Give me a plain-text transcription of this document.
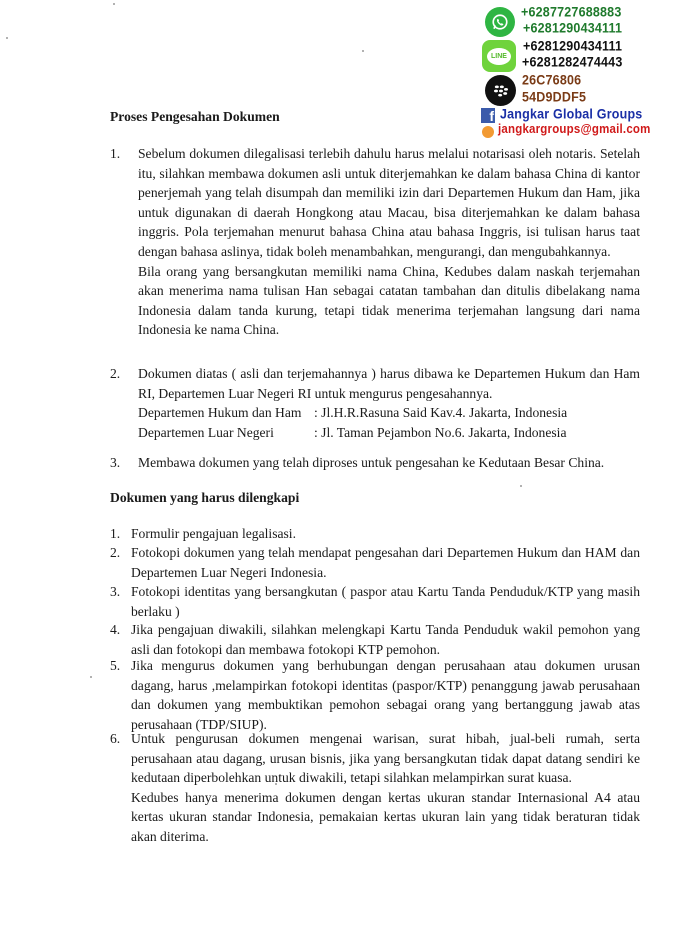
+6287727688883
+6281290434111
LINE
+6281290434111
+6281282474443
26C76806
54D9DDF5
f Jangkar Global Groups
jangkargroups@gmail.com
Proses Pengesahan Dokumen
1. Sebelum dokumen dilegalisasi terlebih dahulu harus melalui notarisasi oleh notaris. Setelah itu, silahkan membawa dokumen asli untuk diterjemahkan ke dalam bahasa China di kantor penerjemah yang telah disumpah dan memiliki izin dari Departemen Hukum dan Ham, jika untuk digunakan di daerah Hongkong atau Macau, bisa diterjemahkan ke dalam bahasa inggris. Pola terjemahan menurut bahasa China atau bahasa Inggris, isi tulisan harus taat dengan bahasa aslinya, tidak boleh menambahkan, mengurangi, dan mengubahkannya.

Bila orang yang bersangkutan memiliki nama China, Kedubes dalam naskah terjemahan akan menerima nama tulisan Han sebagai catatan tambahan dan ditulis dibelakang nama Indonesia dalam tanda kurung, tetapi tidak menerima terjemahan langsung dari nama Indonesia ke nama China.

2. Dokumen diatas ( asli dan terjemahannya ) harus dibawa ke Departemen Hukum dan Ham RI, Departemen Luar Negeri RI untuk mengurus pengesahannya.

Departemen Hukum dan Ham : Jl.H.R.Rasuna Said Kav.4. Jakarta, Indonesia
Departemen Luar Negeri	: Jl. Taman Pejambon No.6. Jakarta, Indonesia
3. Membawa dokumen yang telah diproses untuk pengesahan ke Kedutaan Besar China.

Dokumen yang harus dilengkapi
1. Formulir pengajuan legalisasi.

2. Fotokopi dokumen yang telah mendapat pengesahan dari Departemen Hukum dan HAM dan Departemen Luar Negeri Indonesia.

3. Fotokopi identitas yang bersangkutan ( paspor atau Kartu Tanda Penduduk/KTP yang masih berlaku )

4. Jika pengajuan diwakili, silahkan melengkapi Kartu Tanda Penduduk wakil pemohon yang asli dan fotokopi dan membawa fotokopi KTP pemohon.

5. Jika mengurus dokumen yang berhubungan dengan perusahaan atau dokumen urusan dagang, harus ,melampirkan fotokopi identitas (paspor/KTP) penanggung jawab perusahaan dan dokumen yang membuktikan pemohon sebagai orang yang bertanggung jawab atas perusahaan (TDP/SIUP).

6. Untuk pengurusan dokumen mengenai warisan, surat hibah, jual-beli rumah, serta perusahaan atau dagang, urusan bisnis, jika yang bersangkutan tidak dapat datang sendiri ke kedutaan diperbolehkan untuk diwakili, tetapi silahkan melampirkan surat kuasa.

Kedubes hanya menerima dokumen dengan kertas ukuran standar Internasional A4 atau kertas ukuran standar Indonesia, pemakaian kertas ukuran lain yang tidak beraturan tidak akan diterima.
